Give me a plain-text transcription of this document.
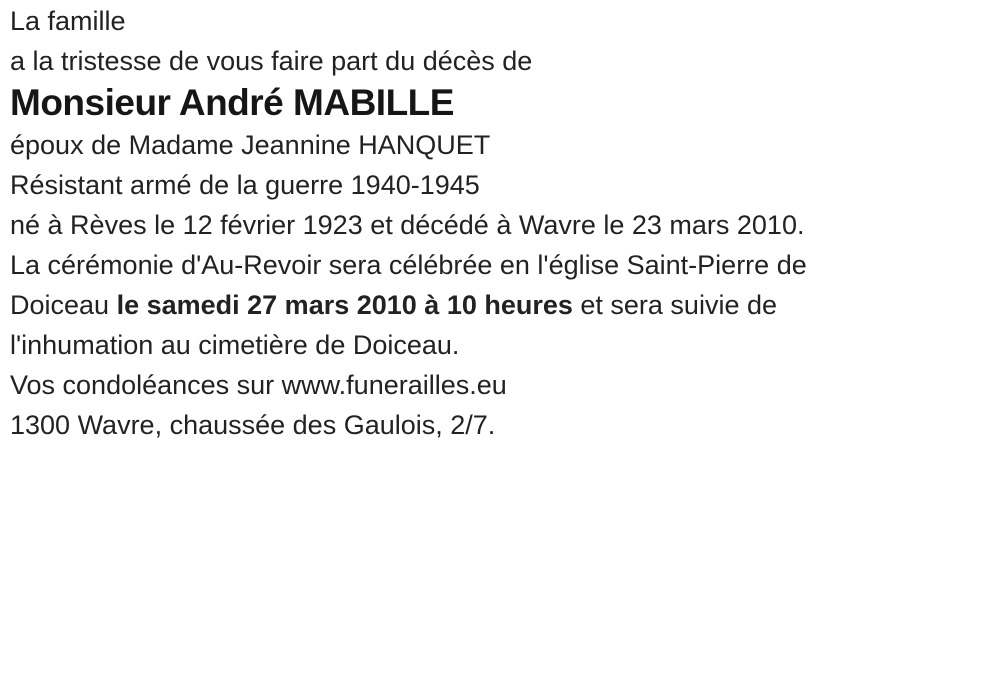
La famille

a la tristesse de vous faire part du décès de

Monsieur André MABILLE

époux de Madame Jeannine HANQUET
Résistant armé de la guerre 1940-1945

né à Rèves le 12 février 1923 et décédé à Wavre le 23 mars 2010.

La cérémonie d'Au-Revoir sera célébrée en l'église Saint-Pierre de
Doiceau le samedi 27 mars 2010 à 10 heures et sera suivie de
l'inhumation au cimetière de Doiceau.

Vos condoléances sur www.funerailles.eu

1300 Wavre, chaussée des Gaulois, 2/7.
